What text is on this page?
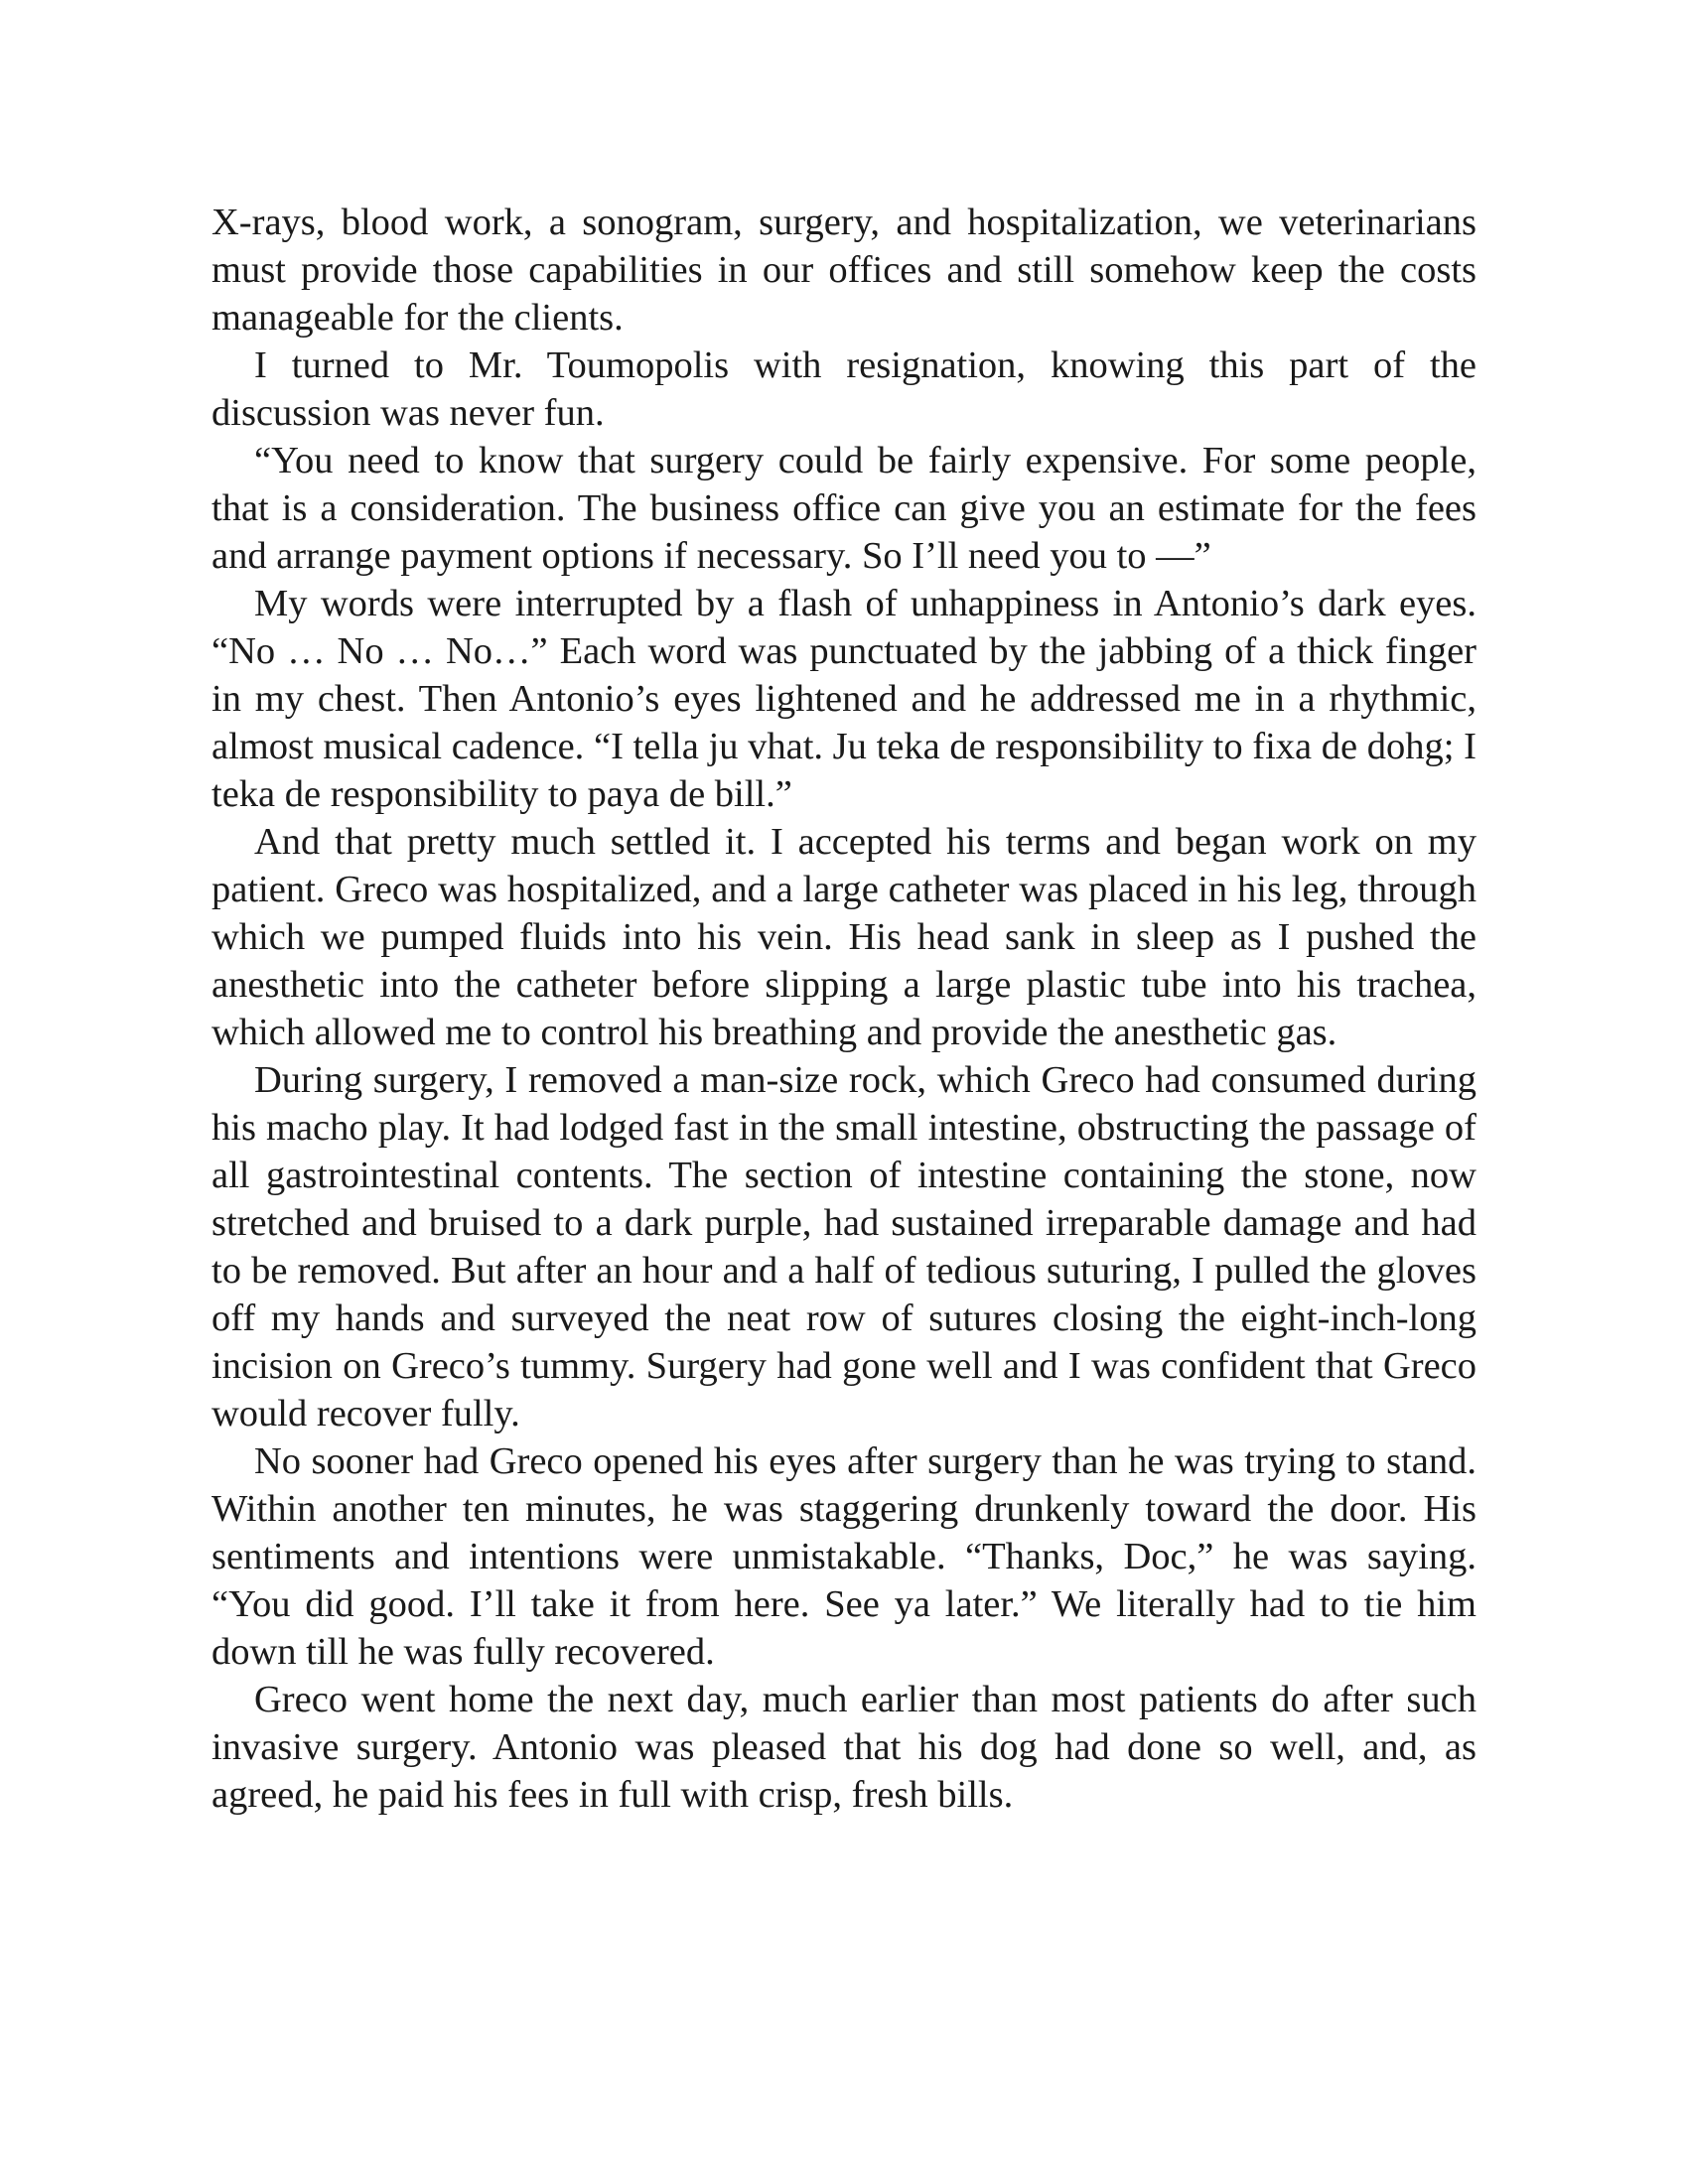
X-rays, blood work, a sonogram, surgery, and hospitalization, we veterinarians must provide those capabilities in our offices and still somehow keep the costs manageable for the clients.

I turned to Mr. Toumopolis with resignation, knowing this part of the discussion was never fun.

“You need to know that surgery could be fairly expensive. For some people, that is a consideration. The business office can give you an estimate for the fees and arrange payment options if necessary. So I’ll need you to —”

My words were interrupted by a flash of unhappiness in Antonio’s dark eyes. “No … No … No…” Each word was punctuated by the jabbing of a thick finger in my chest. Then Antonio’s eyes lightened and he addressed me in a rhythmic, almost musical cadence. “I tella ju vhat. Ju teka de responsibility to fixa de dohg; I teka de responsibility to paya de bill.”

And that pretty much settled it. I accepted his terms and began work on my patient. Greco was hospitalized, and a large catheter was placed in his leg, through which we pumped fluids into his vein. His head sank in sleep as I pushed the anesthetic into the catheter before slipping a large plastic tube into his trachea, which allowed me to control his breathing and provide the anesthetic gas.

During surgery, I removed a man-size rock, which Greco had consumed during his macho play. It had lodged fast in the small intestine, obstructing the passage of all gastrointestinal contents. The section of intestine containing the stone, now stretched and bruised to a dark purple, had sustained irreparable damage and had to be removed. But after an hour and a half of tedious suturing, I pulled the gloves off my hands and surveyed the neat row of sutures closing the eight-inch-long incision on Greco’s tummy. Surgery had gone well and I was confident that Greco would recover fully.

No sooner had Greco opened his eyes after surgery than he was trying to stand. Within another ten minutes, he was staggering drunkenly toward the door. His sentiments and intentions were unmistakable. “Thanks, Doc,” he was saying. “You did good. I’ll take it from here. See ya later.” We literally had to tie him down till he was fully recovered.

Greco went home the next day, much earlier than most patients do after such invasive surgery. Antonio was pleased that his dog had done so well, and, as agreed, he paid his fees in full with crisp, fresh bills.
